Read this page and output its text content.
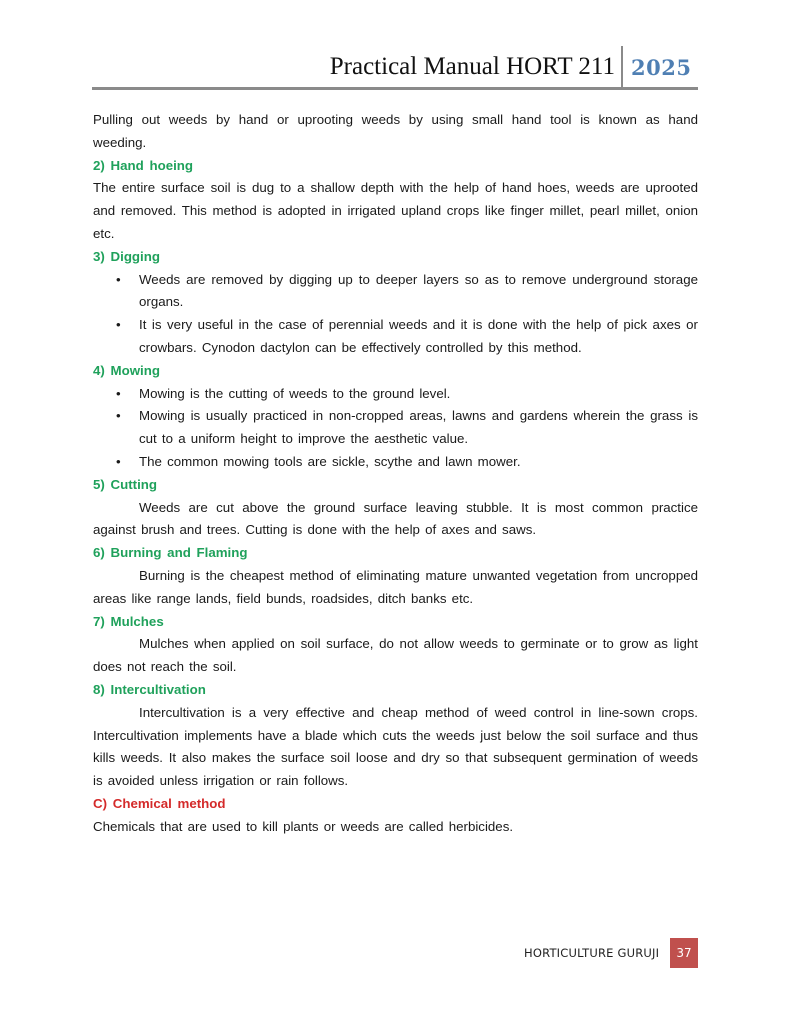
Practical Manual HORT 211 2025

Pulling out weeds by hand or uprooting weeds by using small hand tool is known as hand weeding.

2) Hand hoeing

The entire surface soil is dug to a shallow depth with the help of hand hoes, weeds are uprooted and removed. This method is adopted in irrigated upland crops like finger millet, pearl millet, onion etc.

3) Digging
• Weeds are removed by digging up to deeper layers so as to remove underground storage organs.
• It is very useful in the case of perennial weeds and it is done with the help of pick axes or crowbars. Cynodon dactylon can be effectively controlled by this method.
4) Mowing
• Mowing is the cutting of weeds to the ground level.
• Mowing is usually practiced in non-cropped areas, lawns and gardens wherein the grass is cut to a uniform height to improve the aesthetic value.
• The common mowing tools are sickle, scythe and lawn mower.
5) Cutting

Weeds are cut above the ground surface leaving stubble. It is most common practice against brush and trees. Cutting is done with the help of axes and saws.

6) Burning and Flaming

Burning is the cheapest method of eliminating mature unwanted vegetation from uncropped areas like range lands, field bunds, roadsides, ditch banks etc.

7) Mulches

Mulches when applied on soil surface, do not allow weeds to germinate or to grow as light does not reach the soil.

8) Intercultivation

Intercultivation is a very effective and cheap method of weed control in line-sown crops. Intercultivation implements have a blade which cuts the weeds just below the soil surface and thus kills weeds. It also makes the surface soil loose and dry so that subsequent germination of weeds is avoided unless irrigation or rain follows.

C) Chemical method

Chemicals that are used to kill plants or weeds are called herbicides.

HORTICULTURE GURUJI	37
